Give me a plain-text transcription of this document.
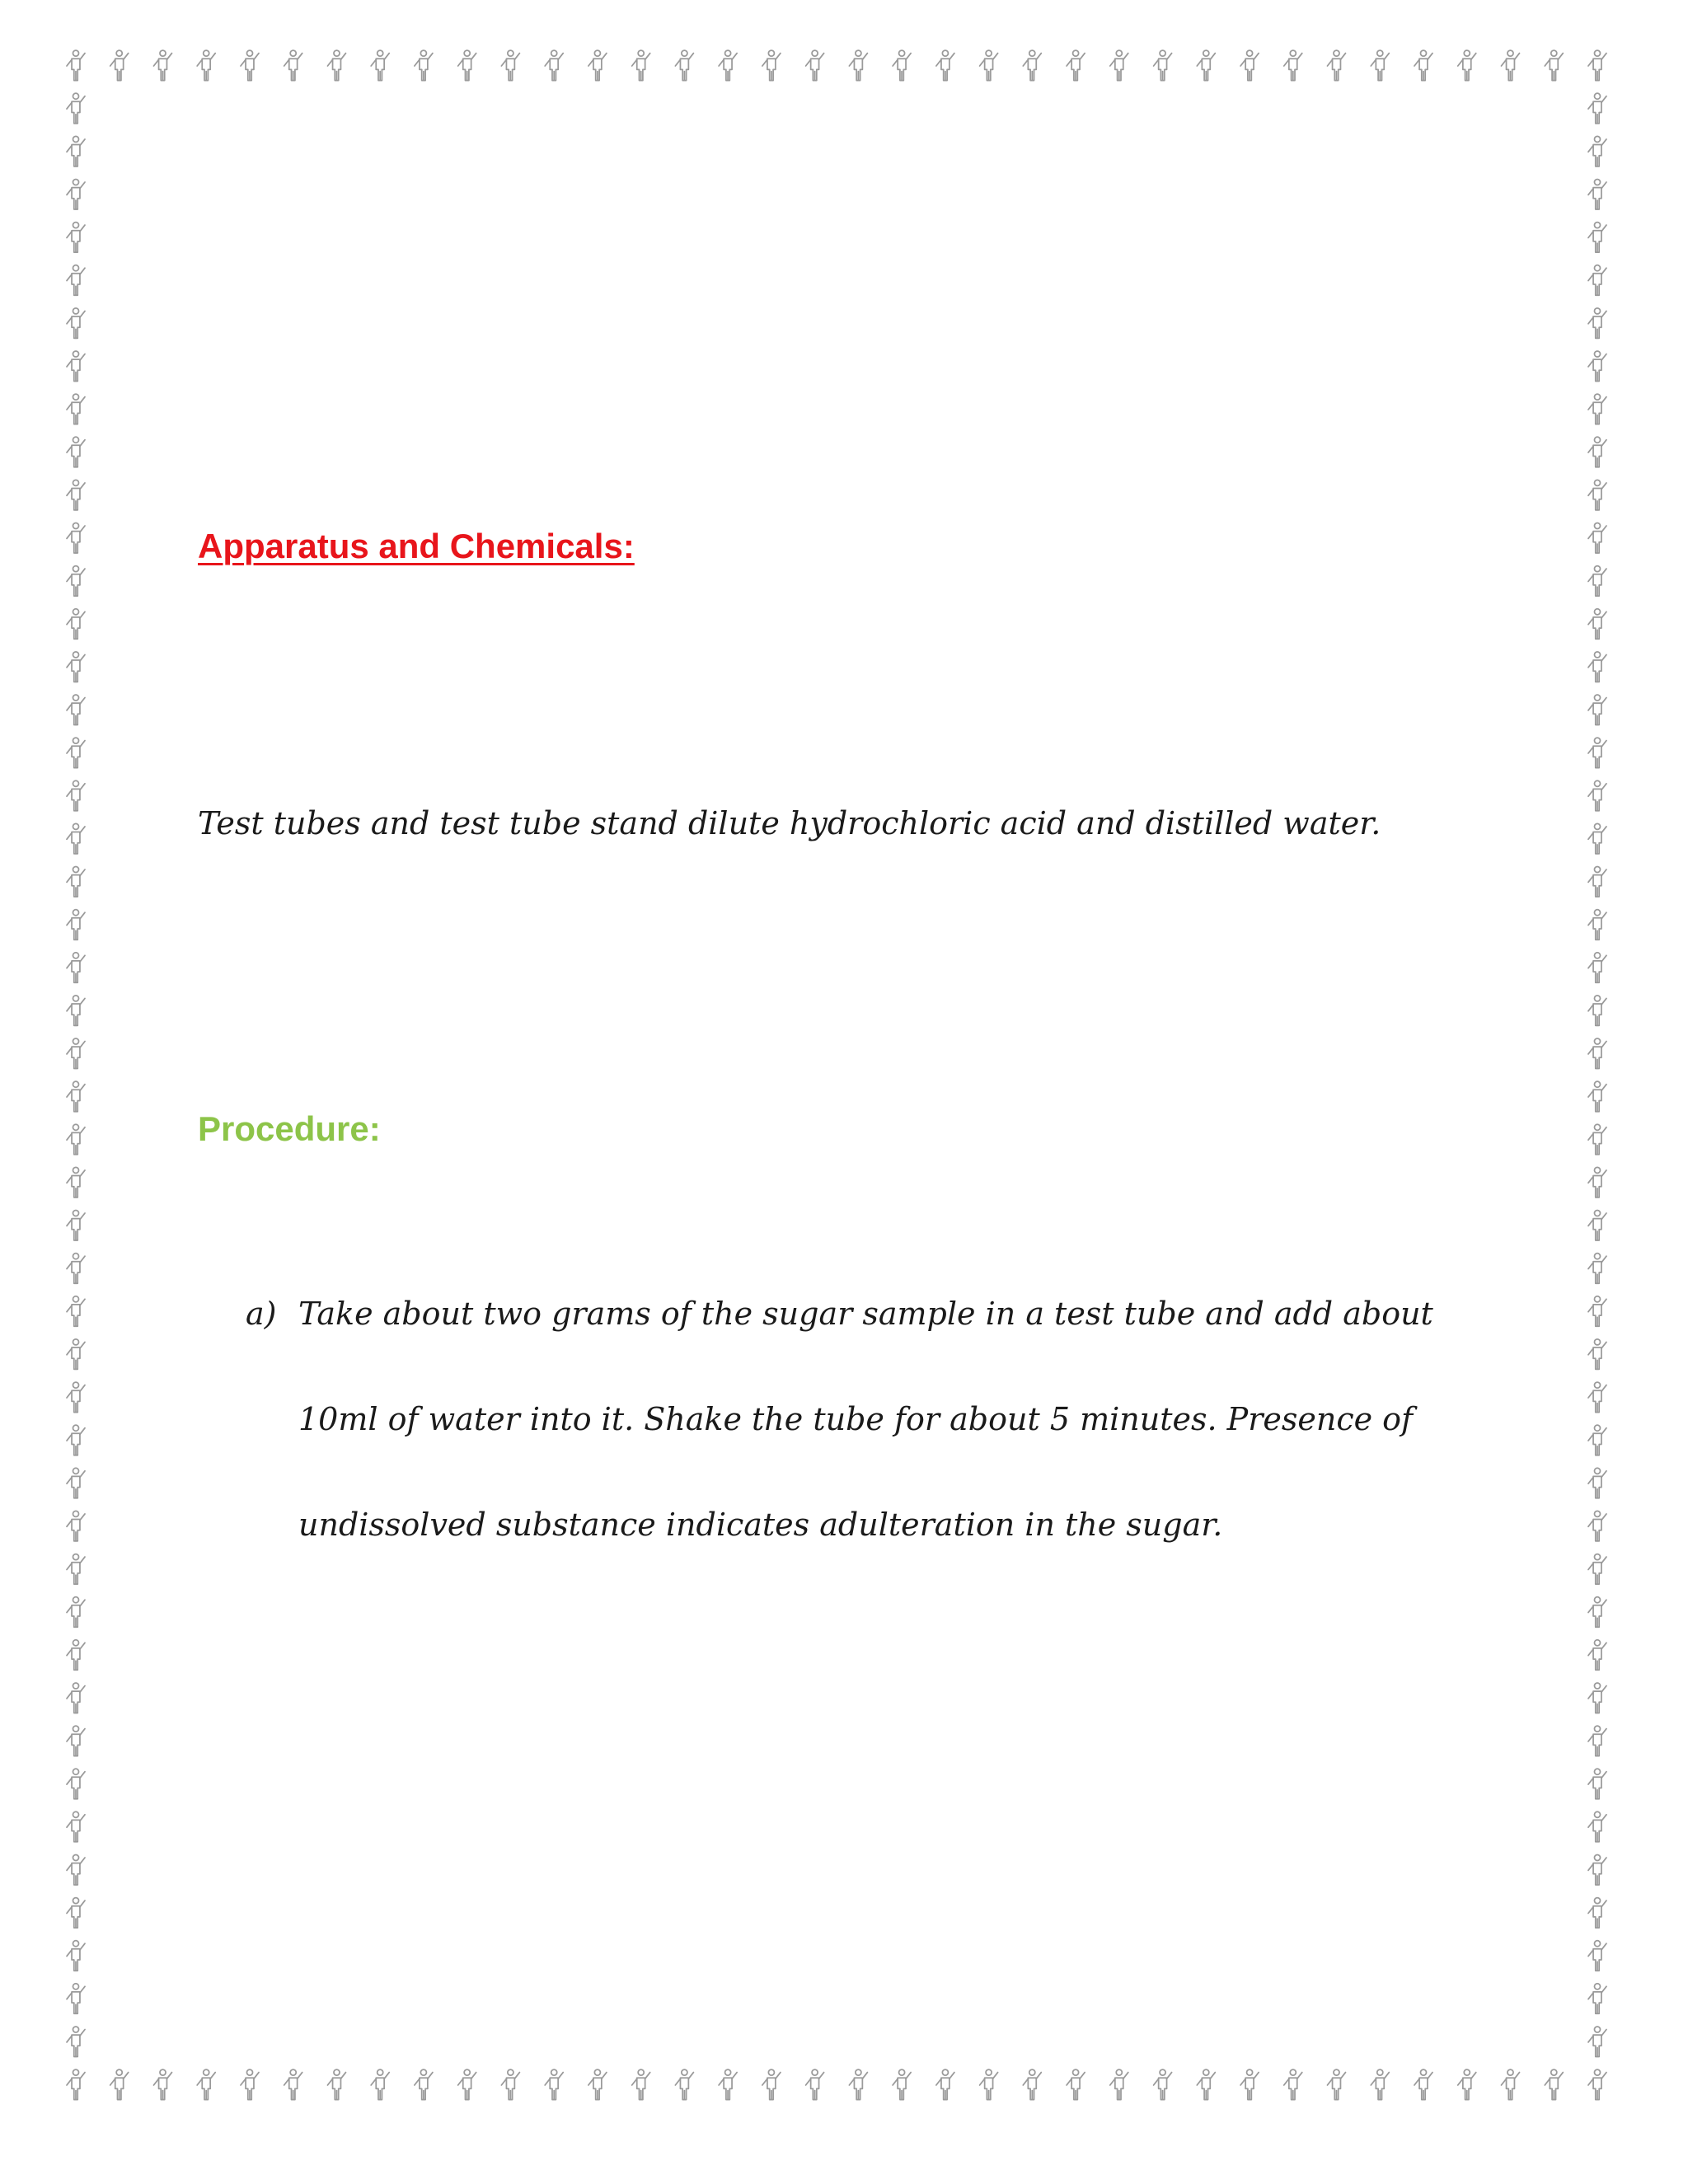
Apparatus and Chemicals:

Test tubes and test tube stand dilute hydrochloric acid and distilled water.

Procedure:
a) Take about two grams of the sugar sample in a test tube and add about 10ml of water into it. Shake the tube for about 5 minutes. Presence of undissolved substance indicates adulteration in the sugar.
